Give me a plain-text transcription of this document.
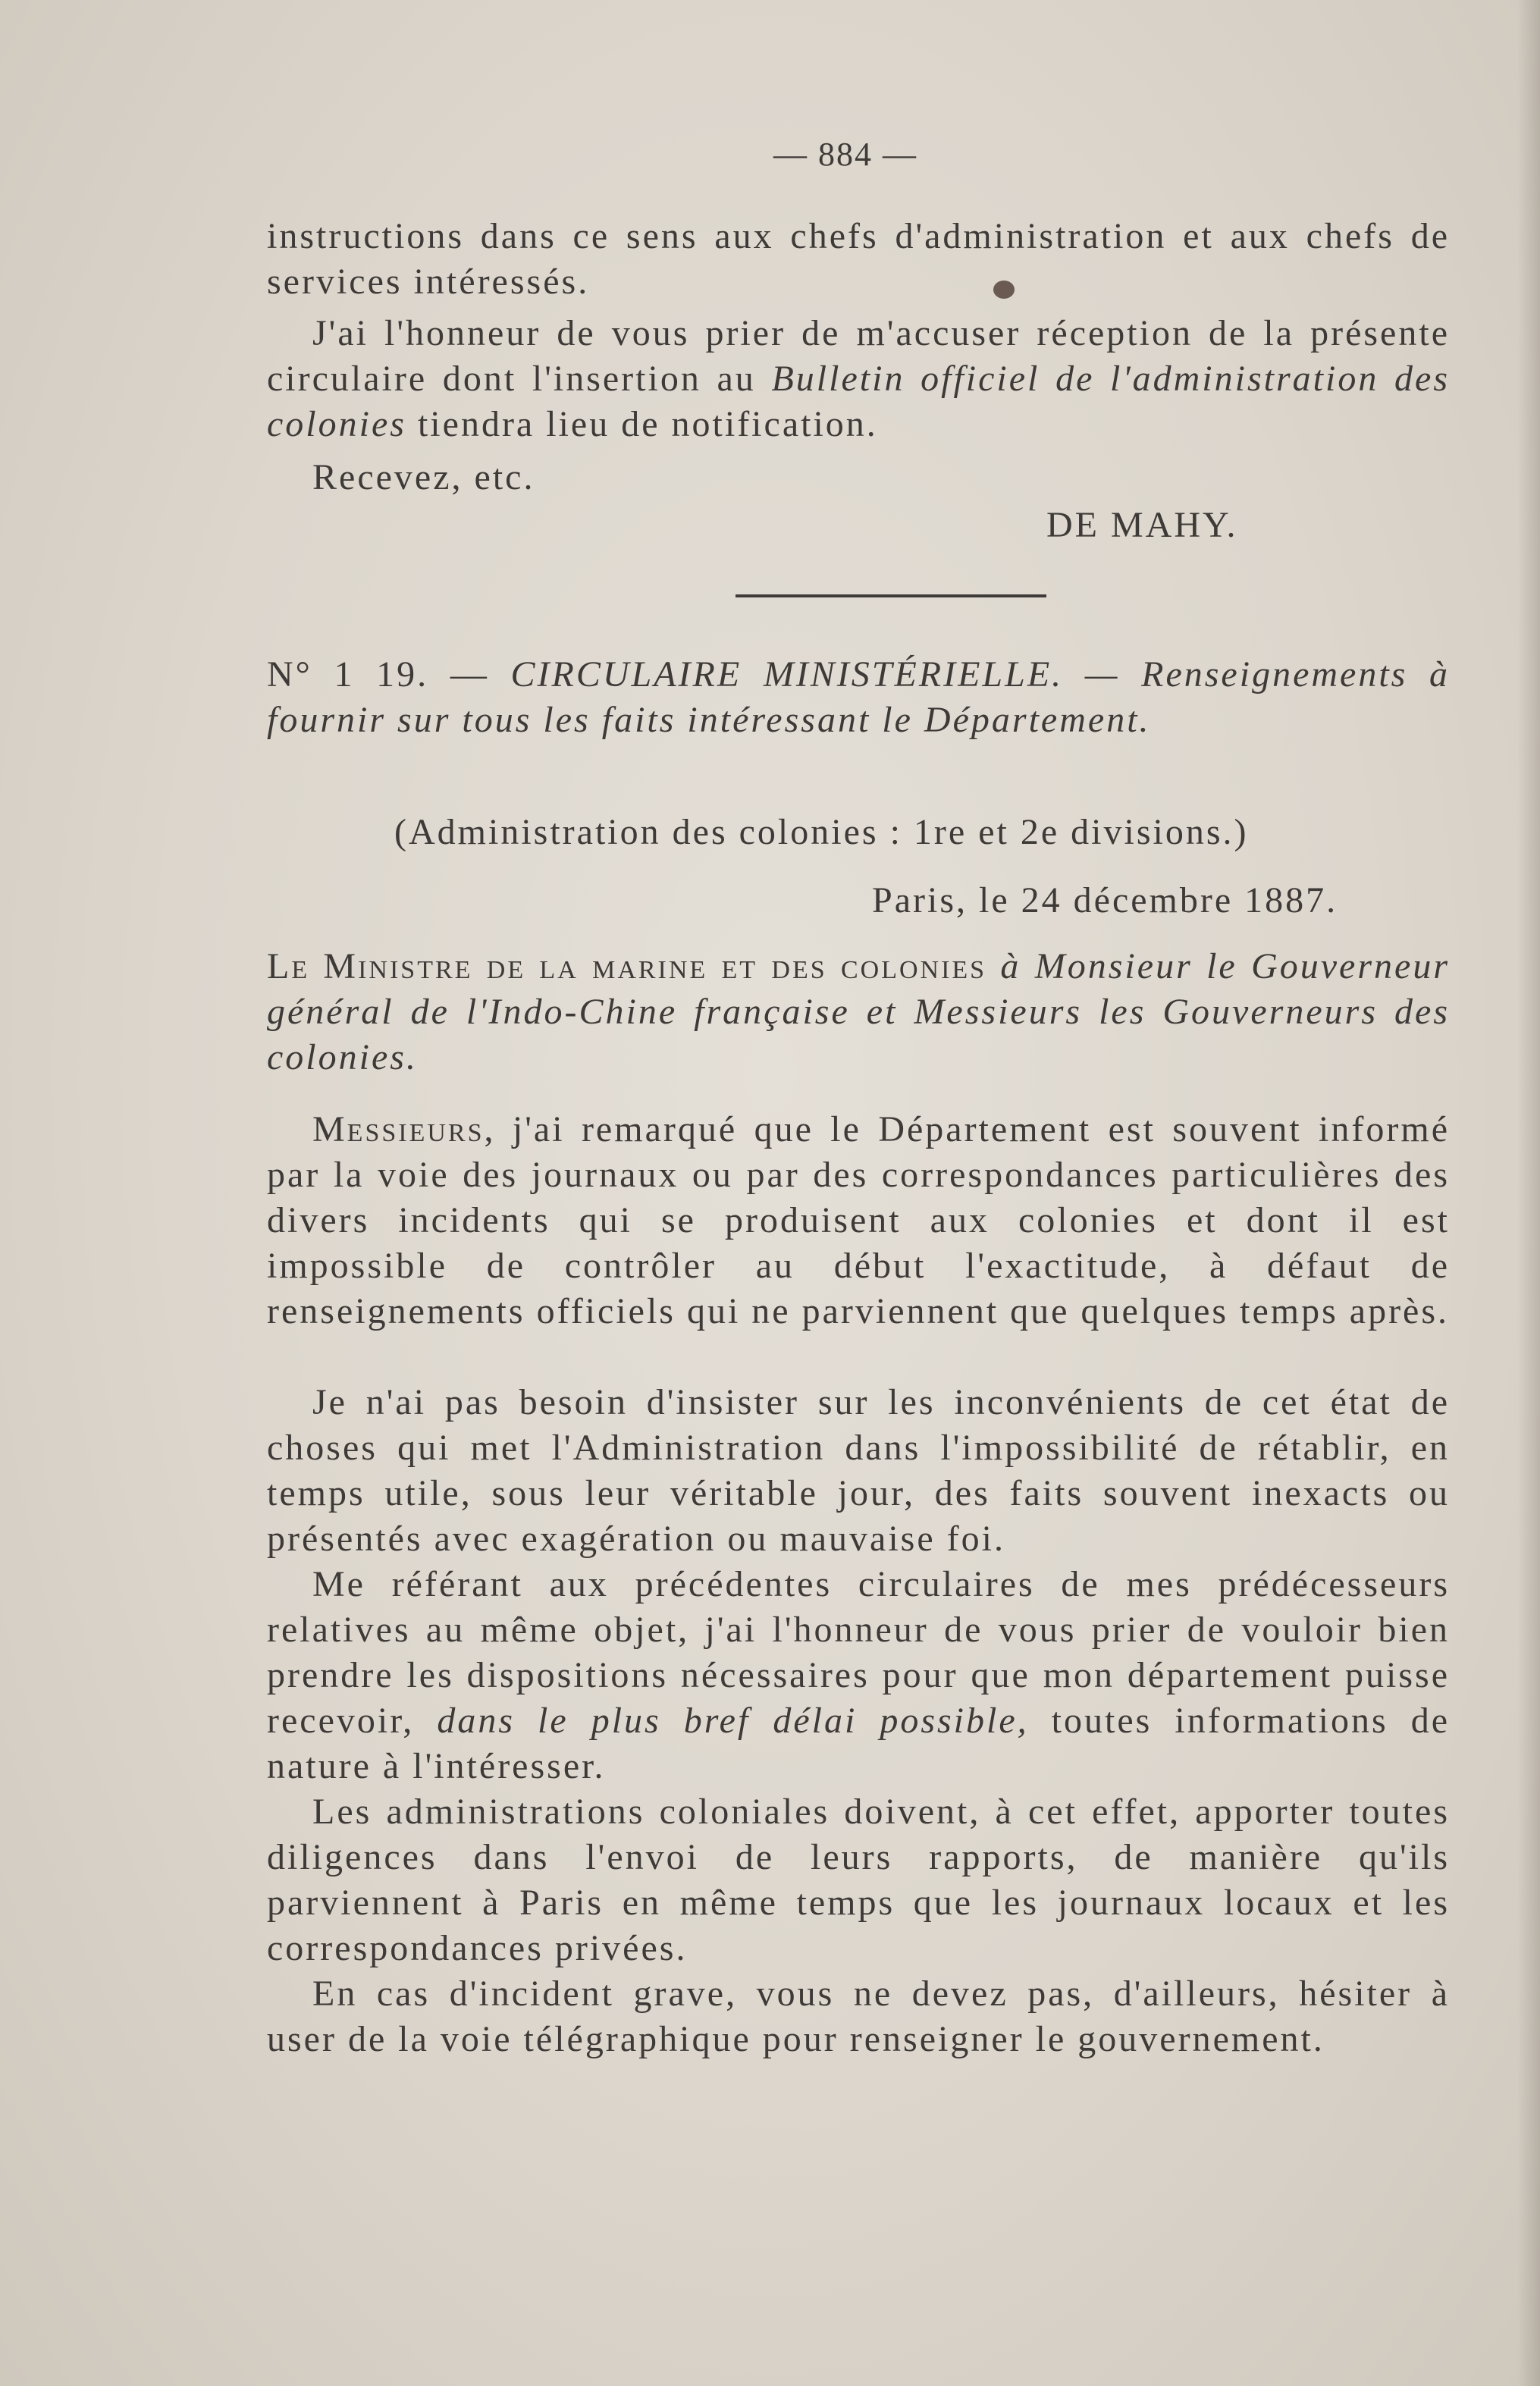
— 884 —

instructions dans ce sens aux chefs d'administration et aux chefs de services intéressés.

J'ai l'honneur de vous prier de m'accuser réception de la présente circulaire dont l'insertion au Bulletin officiel de l'administration des colonies tiendra lieu de notification.

Recevez, etc.

DE MAHY.

N° 1 19. — CIRCULAIRE MINISTÉRIELLE. — Renseignements à fournir sur tous les faits intéressant le Département.

(Administration des colonies : 1re et 2e divisions.)
Paris, le 24 décembre 1887.

Le Ministre de la marine et des colonies à Monsieur le Gouverneur général de l'Indo-Chine française et Messieurs les Gouverneurs des colonies.

Messieurs, j'ai remarqué que le Département est souvent informé par la voie des journaux ou par des correspondances particulières des divers incidents qui se produisent aux colonies et dont il est impossible de contrôler au début l'exactitude, à défaut de renseignements officiels qui ne parviennent que quelques temps après.

Je n'ai pas besoin d'insister sur les inconvénients de cet état de choses qui met l'Administration dans l'impossibilité de rétablir, en temps utile, sous leur véritable jour, des faits souvent inexacts ou présentés avec exagération ou mauvaise foi.

Me référant aux précédentes circulaires de mes prédécesseurs relatives au même objet, j'ai l'honneur de vous prier de vouloir bien prendre les dispositions nécessaires pour que mon département puisse recevoir, dans le plus bref délai possible, toutes informations de nature à l'intéresser.

Les administrations coloniales doivent, à cet effet, apporter toutes diligences dans l'envoi de leurs rapports, de manière qu'ils parviennent à Paris en même temps que les journaux locaux et les correspondances privées.

En cas d'incident grave, vous ne devez pas, d'ailleurs, hésiter à user de la voie télégraphique pour renseigner le gouvernement.
